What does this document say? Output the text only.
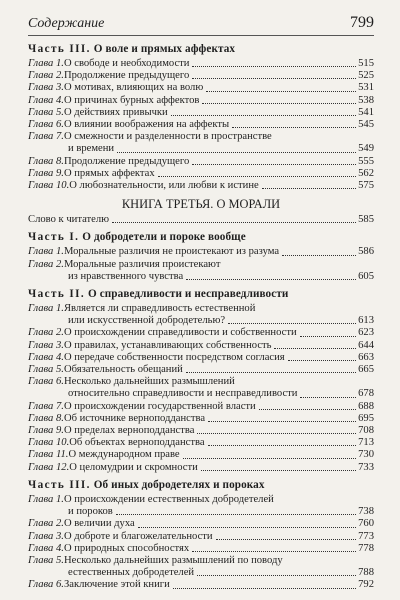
Содержание	799
Часть III. О воле и прямых аффектах
Глава 1. О свободе и необходимости	515
Глава 2. Продолжение предыдущего	525
Глава 3. О мотивах, влияющих на волю	531
Глава 4. О причинах бурных аффектов	538
Глава 5. О действиях привычки	541
Глава 6. О влиянии воображения на аффекты	545
Глава 7. О смежности и разделенности в пространстве
и времени	549
Глава 8. Продолжение предыдущего	555
Глава 9. О прямых аффектах	562
Глава 10. О любознательности, или любви к истине	575
КНИГА ТРЕТЬЯ. О МОРАЛИ
Слово к читателю	585
Часть I. О добродетели и пороке вообще
Глава 1. Моральные различия не проистекают из разума	586
Глава 2. Моральные различия проистекают
из нравственного чувства	605
Часть II. О справедливости и несправедливости
Глава 1. Является ли справедливость естественной
или искусственной добродетелью?	613
Глава 2. О происхождении справедливости и собственности	623
Глава 3. О правилах, устанавливающих собственность	644
Глава 4. О передаче собственности посредством согласия	663
Глава 5. Обязательность обещаний	665
Глава 6. Несколько дальнейших размышлений
относительно справедливости и несправедливости	678
Глава 7. О происхождении государственной власти	688
Глава 8. Об источнике верноподданства	695
Глава 9. О пределах верноподданства	708
Глава 10. Об объектах верноподданства	713
Глава 11. О международном праве	730
Глава 12. О целомудрии и скромности	733
Часть III. Об иных добродетелях и пороках
Глава 1. О происхождении естественных добродетелей
и пороков	738
Глава 2. О величии духа	760
Глава 3. О доброте и благожелательности	773
Глава 4. О природных способностях	778
Глава 5. Несколько дальнейших размышлений по поводу
естественных добродетелей	788
Глава 6. Заключение этой книги	792
